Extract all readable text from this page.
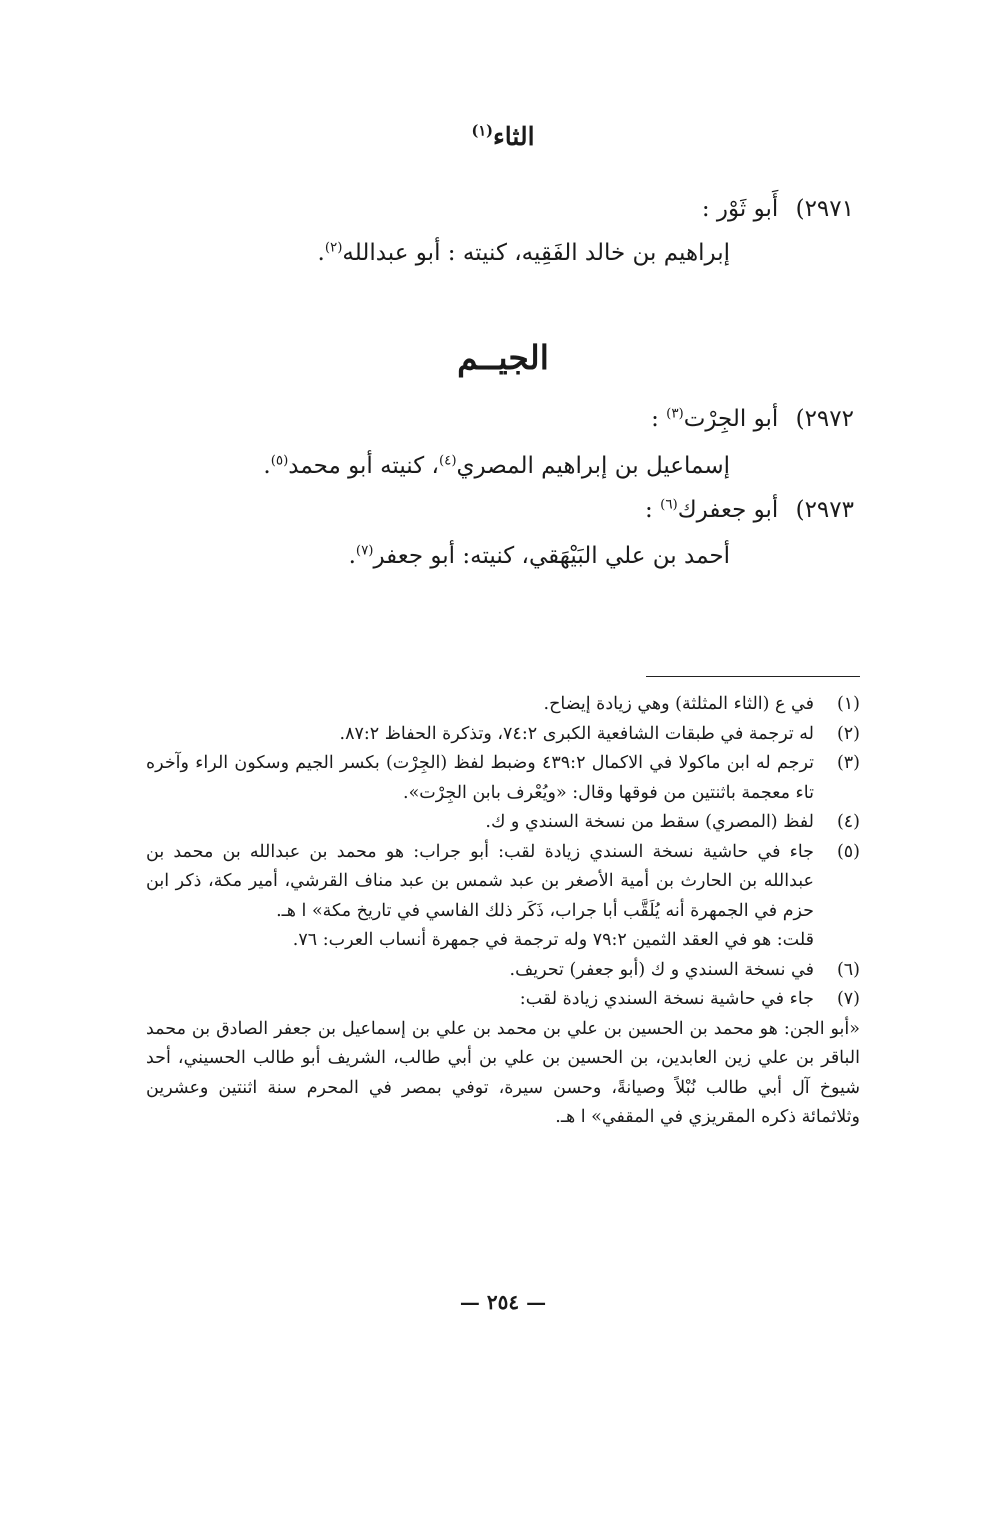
الثاء$^{(١)}$
٢٩٧١) أَبو ثَوْر :
إبراهيم بن خالد الفَقِيه، كنيته : أبو عبدالله$^{(٢)}$.
الجيــم
٢٩٧٢) أبو الجِرْت$^{(٣)}$ :
إسماعيل بن إبراهيم المصري$^{(٤)}$، كنيته أبو محمد$^{(٥)}$.
٢٩٧٣) أبو جعفرك$^{(٦)}$ :
أحمد بن علي البَيْهَقي، كنيته: أبو جعفر$^{(٧)}$.
(١)
في ع (الثاء المثلثة) وهي زيادة إيضاح.
(٢)
له ترجمة في طبقات الشافعية الكبرى ٧٤:٢، وتذكرة الحفاظ ٨٧:٢.
(٣)
ترجم له ابن ماكولا في الاكمال ٤٣٩:٢ وضبط لفظ (الجِرْت) بكسر الجيم وسكون الراء وآخره تاء معجمة باثنتين من فوقها وقال: «ويُعْرف بابن الجِرْت».
(٤)
لفظ (المصري) سقط من نسخة السندي و ك.
(٥)
جاء في حاشية نسخة السندي زيادة لقب: أبو جراب: هو محمد بن عبدالله بن محمد بن عبدالله بن الحارث بن أمية الأصغر بن عبد شمس بن عبد مناف القرشي، أمير مكة، ذكر ابن حزم في الجمهرة أنه يُلَقَّب أبا جراب، ذَكَر ذلك الفاسي في تاريخ مكة» ا هـ.
قلت: هو في العقد الثمين ٧٩:٢ وله ترجمة في جمهرة أنساب العرب: ٧٦.
(٦)
في نسخة السندي و ك (أبو جعفر) تحريف.
(٧)
جاء في حاشية نسخة السندي زيادة لقب:
«أبو الجن: هو محمد بن الحسين بن علي بن محمد بن علي بن إسماعيل بن جعفر الصادق بن محمد الباقر بن علي زين العابدين، بن الحسين بن علي بن أبي طالب، الشريف أبو طالب الحسيني، أحد شيوخ آل أبي طالب نُبْلاً وصيانةً، وحسن سيرة، توفي بمصر في المحرم سنة اثنتين وعشرين وثلاثمائة ذكره المقريزي في المقفي» ا هـ.
— ٢٥٤ —
